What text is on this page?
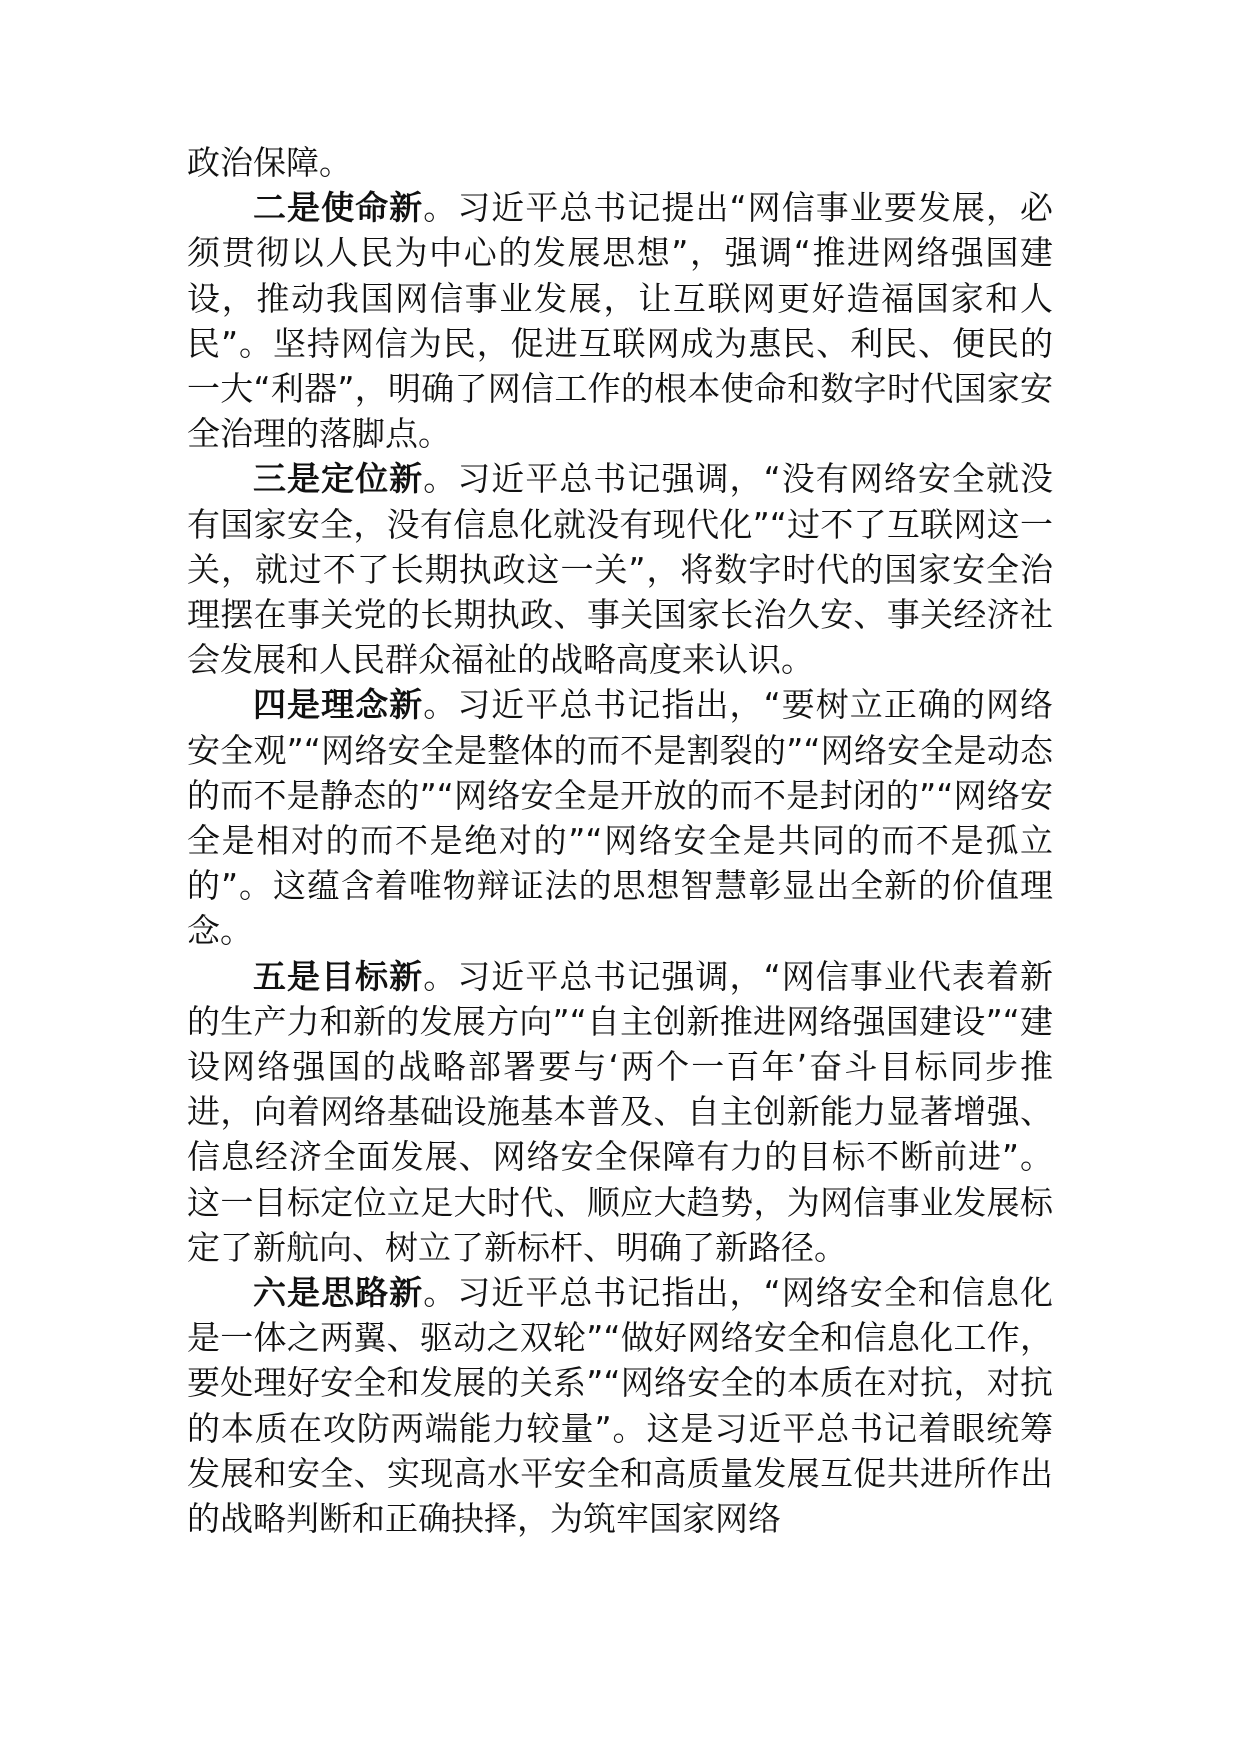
政治保障。

二是使命新。习近平总书记提出“网信事业要发展，必须贯彻以人民为中心的发展思想”，强调“推进网络强国建设，推动我国网信事业发展，让互联网更好造福国家和人民”。坚持网信为民，促进互联网成为惠民、利民、便民的一大“利器”，明确了网信工作的根本使命和数字时代国家安全治理的落脚点。

三是定位新。习近平总书记强调，“没有网络安全就没有国家安全，没有信息化就没有现代化”“过不了互联网这一关，就过不了长期执政这一关”，将数字时代的国家安全治理摆在事关党的长期执政、事关国家长治久安、事关经济社会发展和人民群众福祉的战略高度来认识。

四是理念新。习近平总书记指出，“要树立正确的网络安全观”“网络安全是整体的而不是割裂的”“网络安全是动态的而不是静态的”“网络安全是开放的而不是封闭的”“网络安全是相对的而不是绝对的”“网络安全是共同的而不是孤立的”。这蕴含着唯物辩证法的思想智慧彰显出全新的价值理念。

五是目标新。习近平总书记强调，“网信事业代表着新的生产力和新的发展方向”“自主创新推进网络强国建设”“建设网络强国的战略部署要与‘两个一百年’奋斗目标同步推进，向着网络基础设施基本普及、自主创新能力显著增强、信息经济全面发展、网络安全保障有力的目标不断前进”。这一目标定位立足大时代、顺应大趋势，为网信事业发展标定了新航向、树立了新标杆、明确了新路径。

六是思路新。习近平总书记指出，“网络安全和信息化是一体之两翼、驱动之双轮”“做好网络安全和信息化工作，要处理好安全和发展的关系”“网络安全的本质在对抗，对抗的本质在攻防两端能力较量”。这是习近平总书记着眼统筹发展和安全、实现高水平安全和高质量发展互促共进所作出的战略判断和正确抉择，为筑牢国家网络
